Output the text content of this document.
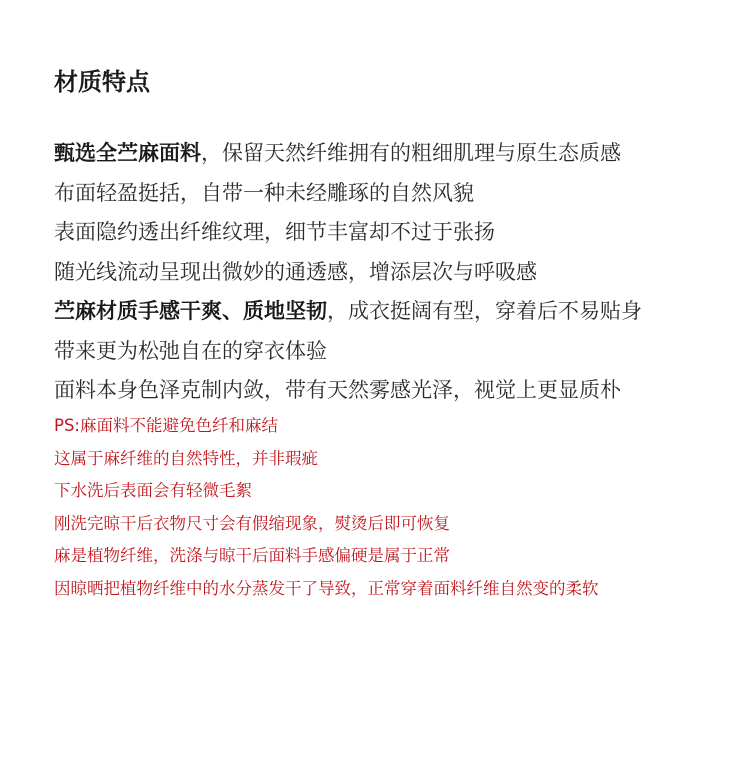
材质特点
甄选全苎麻面料，保留天然纤维拥有的粗细肌理与原生态质感
布面轻盈挺括，自带一种未经雕琢的自然风貌
表面隐约透出纤维纹理，细节丰富却不过于张扬
随光线流动呈现出微妙的通透感，增添层次与呼吸感
苎麻材质手感干爽、质地坚韧，成衣挺阔有型，穿着后不易贴身
带来更为松弛自在的穿衣体验
面料本身色泽克制内敛，带有天然雾感光泽，视觉上更显质朴
PS:麻面料不能避免色纤和麻结
这属于麻纤维的自然特性，并非瑕疵
下水洗后表面会有轻微毛絮
刚洗完晾干后衣物尺寸会有假缩现象，熨烫后即可恢复
麻是植物纤维，洗涤与晾干后面料手感偏硬是属于正常
因晾晒把植物纤维中的水分蒸发干了导致，正常穿着面料纤维自然变的柔软
